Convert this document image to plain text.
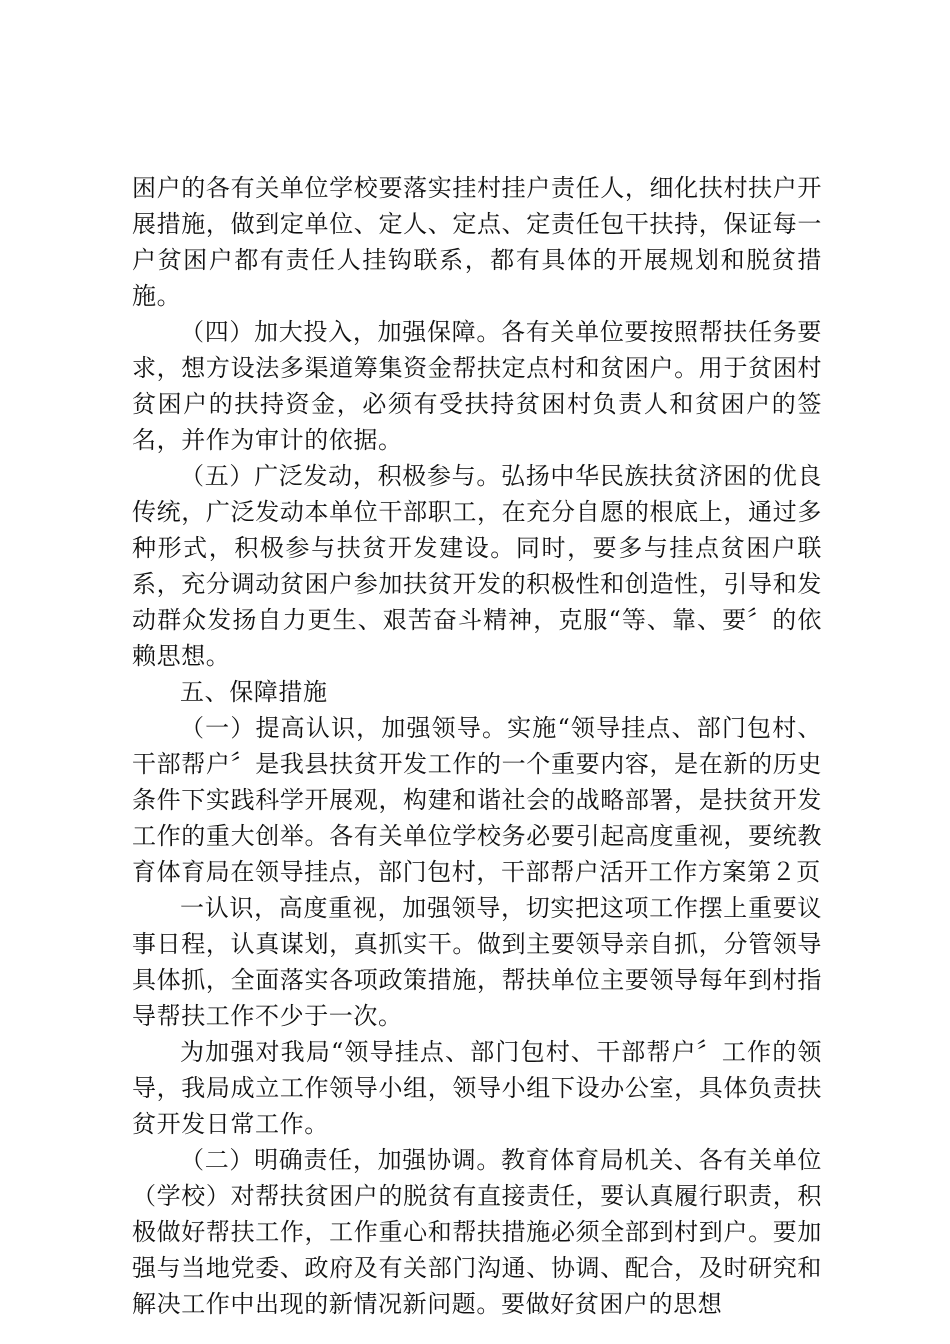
困户的各有关单位学校要落实挂村挂户责任人，细化扶村扶户开展措施，做到定单位、定人、定点、定责任包干扶持，保证每一户贫困户都有责任人挂钩联系，都有具体的开展规划和脱贫措施。

（四）加大投入，加强保障。各有关单位要按照帮扶任务要求，想方设法多渠道筹集资金帮扶定点村和贫困户。用于贫困村贫困户的扶持资金，必须有受扶持贫困村负责人和贫困户的签名，并作为审计的依据。

（五）广泛发动，积极参与。弘扬中华民族扶贫济困的优良传统，广泛发动本单位干部职工，在充分自愿的根底上，通过多种形式，积极参与扶贫开发建设。同时，要多与挂点贫困户联系，充分调动贫困户参加扶贫开发的积极性和创造性，引导和发动群众发扬自力更生、艰苦奋斗精神，克服“等、靠、要〞的依赖思想。

五、保障措施

（一）提高认识，加强领导。实施“领导挂点、部门包村、干部帮户〞是我县扶贫开发工作的一个重要内容，是在新的历史条件下实践科学开展观，构建和谐社会的战略部署，是扶贫开发工作的重大创举。各有关单位学校务必要引起高度重视，要统教育体育局在领导挂点，部门包村，干部帮户活开工作方案第２页

一认识，高度重视，加强领导，切实把这项工作摆上重要议事日程，认真谋划，真抓实干。做到主要领导亲自抓，分管领导具体抓，全面落实各项政策措施，帮扶单位主要领导每年到村指导帮扶工作不少于一次。

为加强对我局“领导挂点、部门包村、干部帮户〞工作的领导，我局成立工作领导小组，领导小组下设办公室，具体负责扶贫开发日常工作。

（二）明确责任，加强协调。教育体育局机关、各有关单位（学校）对帮扶贫困户的脱贫有直接责任，要认真履行职责，积极做好帮扶工作，工作重心和帮扶措施必须全部到村到户。要加强与当地党委、政府及有关部门沟通、协调、配合，及时研究和解决工作中出现的新情况新问题。要做好贫困户的思想
